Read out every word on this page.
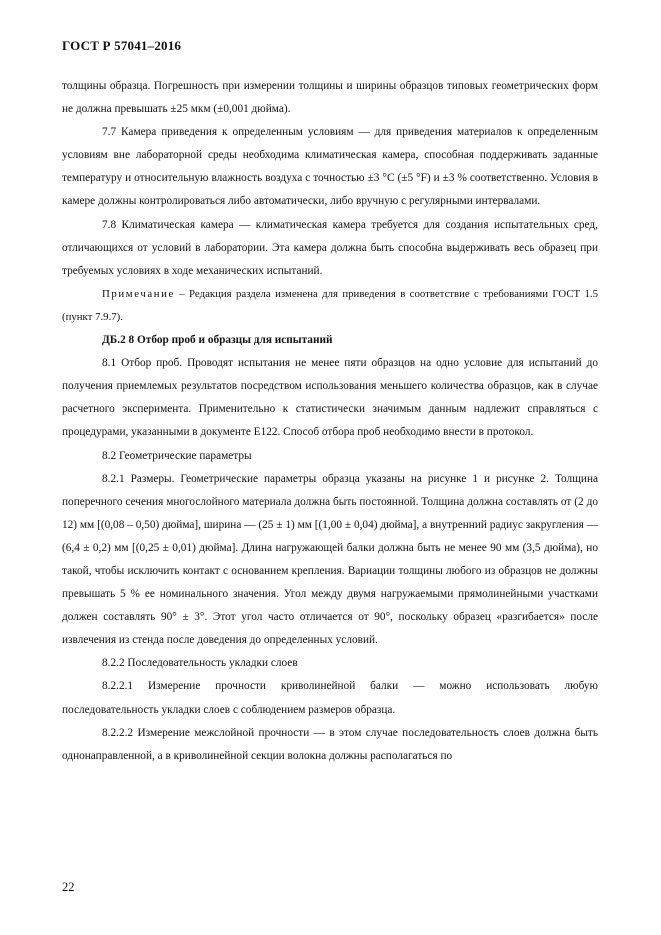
ГОСТ Р 57041–2016

толщины образца. Погрешность при измерении толщины и ширины образцов типовых геометрических форм не должна превышать ±25 мкм (±0,001 дюйма).

7.7 Камера приведения к определенным условиям — для приведения материалов к определенным условиям вне лабораторной среды необходима климатическая камера, способная поддерживать заданные температуру и относительную влажность воздуха с точностью ±3 °С (±5 °F) и ±3 % соответственно. Условия в камере должны контролироваться либо автоматически, либо вручную с регулярными интервалами.

7.8 Климатическая камера — климатическая камера требуется для создания испытательных сред, отличающихся от условий в лаборатории. Эта камера должна быть способна выдерживать весь образец при требуемых условиях в ходе механических испытаний.

Примечание – Редакция раздела изменена для приведения в соответствие с требованиями ГОСТ 1.5 (пункт 7.9.7).

ДБ.2 8 Отбор проб и образцы для испытаний

8.1 Отбор проб. Проводят испытания не менее пяти образцов на одно условие для испытаний до получения приемлемых результатов посредством использования меньшего количества образцов, как в случае расчетного эксперимента. Применительно к статистически значимым данным надлежит справляться с процедурами, указанными в документе E122. Способ отбора проб необходимо внести в протокол.

8.2 Геометрические параметры

8.2.1 Размеры. Геометрические параметры образца указаны на рисунке 1 и рисунке 2. Толщина поперечного сечения многослойного материала должна быть постоянной. Толщина должна составлять от (2 до 12) мм [(0,08 – 0,50) дюйма], ширина — (25 ± 1) мм [(1,00 ± 0,04) дюйма], а внутренний радиус закругления —(6,4 ± 0,2) мм [(0,25 ± 0,01) дюйма]. Длина нагружающей балки должна быть не менее 90 мм (3,5 дюйма), но такой, чтобы исключить контакт с основанием крепления. Вариации толщины любого из образцов не должны превышать 5 % ее номинального значения. Угол между двумя нагружаемыми прямолинейными участками должен составлять 90° ± 3°. Этот угол часто отличается от 90°, поскольку образец «разгибается» после извлечения из стенда после доведения до определенных условий.

8.2.2 Последовательность укладки слоев

8.2.2.1 Измерение прочности криволинейной балки — можно использовать любую последовательность укладки слоев с соблюдением размеров образца.

8.2.2.2 Измерение межслойной прочности — в этом случае последовательность слоев должна быть однонаправленной, а в криволинейной секции волокна должны располагаться по

22
